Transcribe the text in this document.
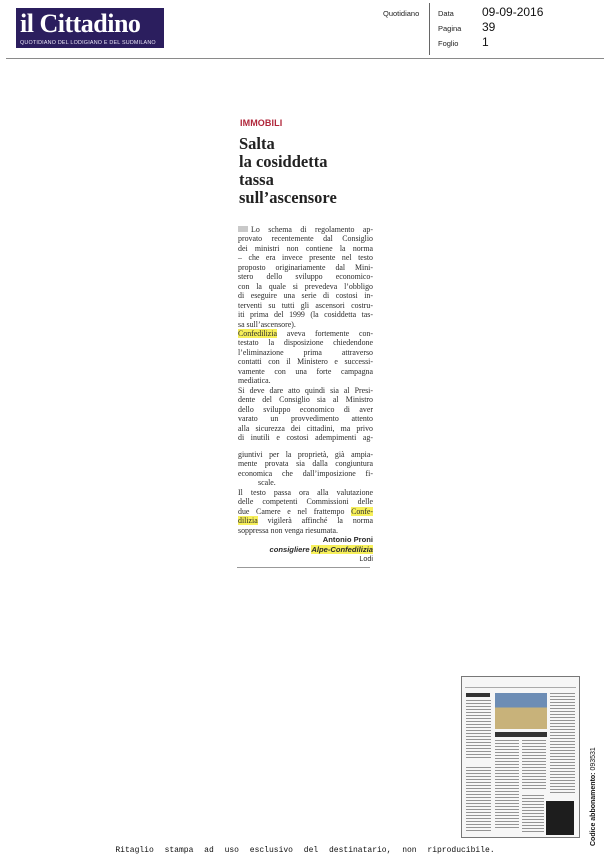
il Cittadino
QUOTIDIANO DEL LODIGIANO E DEL SUDMILANO
Quotidiano Data	09-09-2016
Pagina	39
Foglio	1
IMMOBILI
Salta
la cosiddetta
tassa
sull’ascensore
Lo schema di regolamento ap-
provato recentemente dal Consiglio
dei ministri non contiene la norma
– che era invece presente nel testo
proposto originariamente dal Mini-
stero dello sviluppo economico-
con la quale si prevedeva l’obbligo
di eseguire una serie di costosi in-
terventi su tutti gli ascensori costru-
iti prima del 1999 (la cosiddetta tas-
sa sull’ascensore).
Confedilizia aveva fortemente con-
testato la disposizione chiedendone
l’eliminazione prima attraverso
contatti con il Ministero e successi-
vamente con una forte campagna
mediatica.
Si deve dare atto quindi sia al Presi-
dente del Consiglio sia al Ministro
dello sviluppo economico di aver
varato un provvedimento attento
alla sicurezza dei cittadini, ma privo
di inutili e costosi adempimenti ag-
giuntivi per la proprietà, già ampia-
mente provata sia dalla congiuntura
economica che dall’imposizione fi-
scale.
Il testo passa ora alla valutazione
delle competenti Commissioni delle
due Camere e nel frattempo Confe-
dilizia vigilerà affinché la norma
soppressa non venga riesumata.
Antonio Proni
consigliere Alpe-Confedilizia
Lodi
Codice abbonamento: 093531
Ritaglio stampa ad uso esclusivo del destinatario, non riproducibile.
